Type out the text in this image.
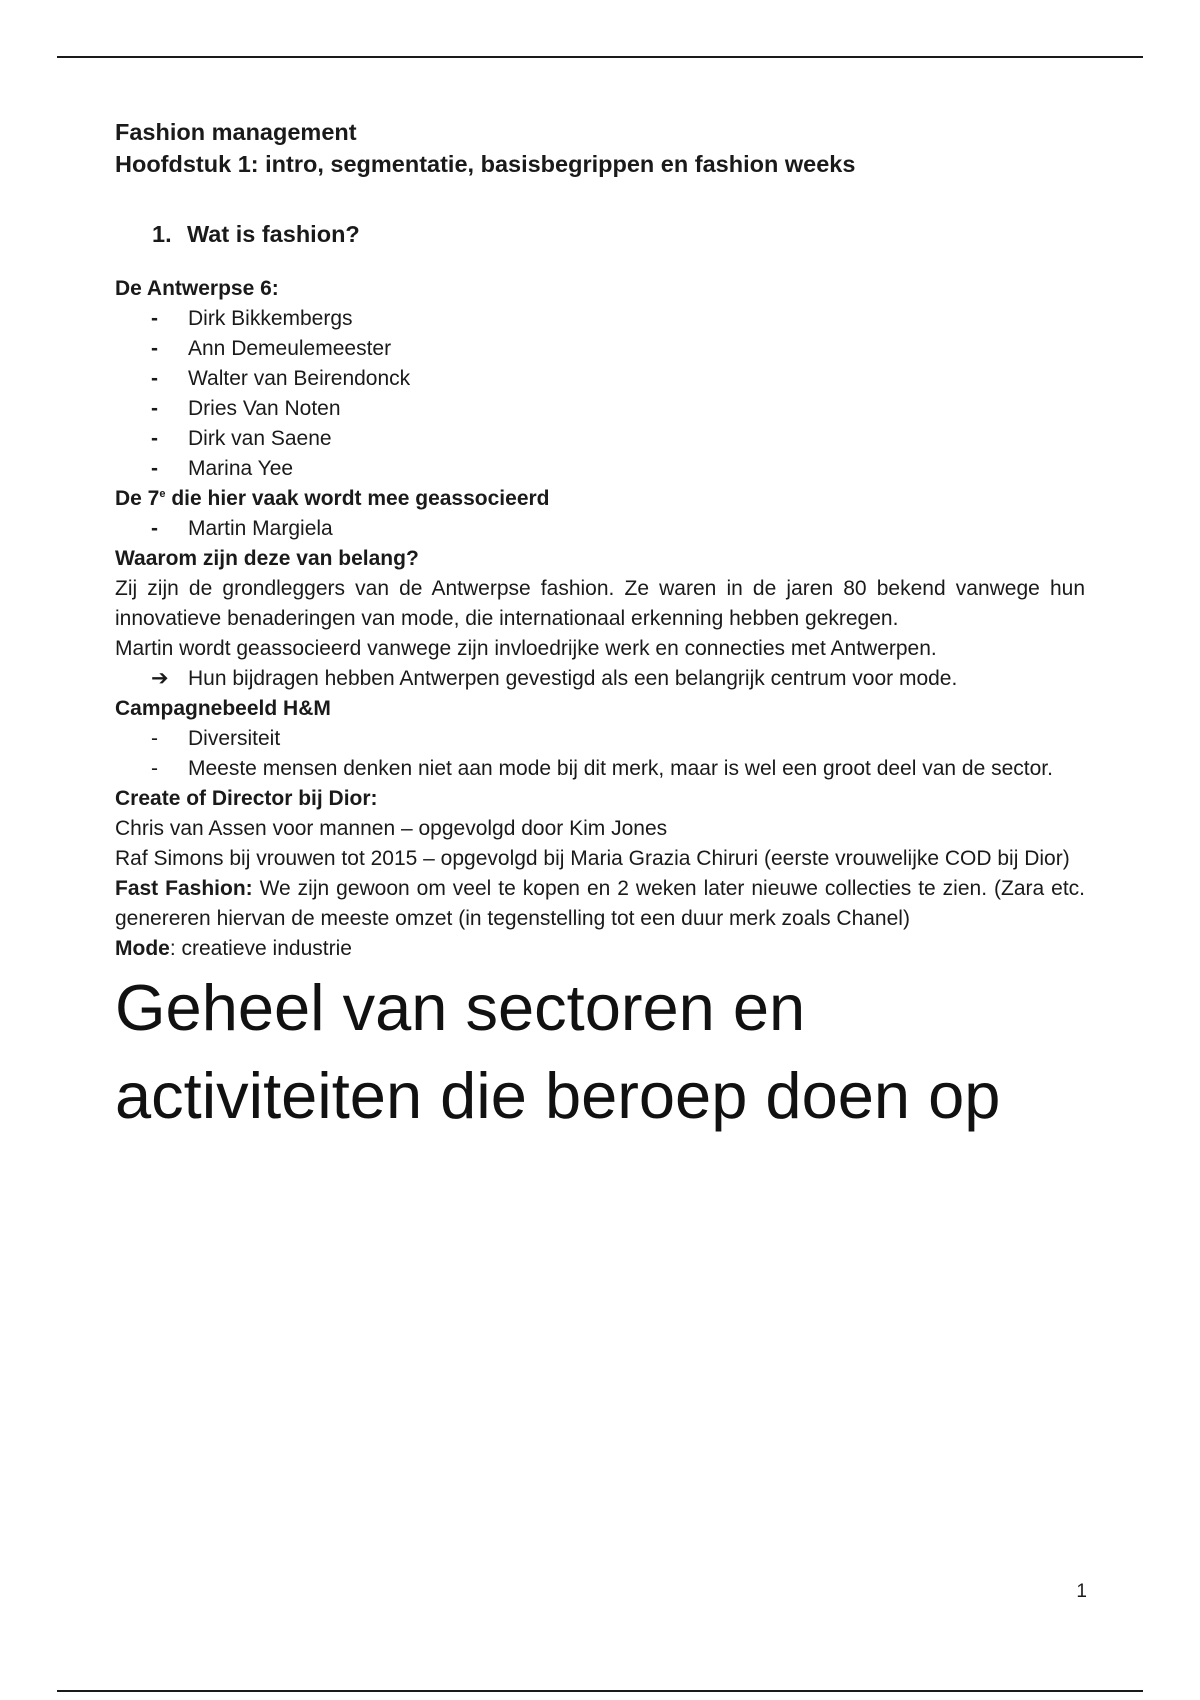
Fashion management

Hoofdstuk 1: intro, segmentatie, basisbegrippen en fashion weeks

1. Wat is fashion?

De Antwerpse 6:

-	Dirk Bikkembergs
-	Ann Demeulemeester
-	Walter van Beirendonck
-	Dries Van Noten
-	Dirk van Saene
-	Marina Yee

De 7e die hier vaak wordt mee geassocieerd

-	Martin Margiela

Waarom zijn deze van belang?

Zij zijn de grondleggers van de Antwerpse fashion. Ze waren in de jaren 80 bekend vanwege hun innovatieve benaderingen van mode, die internationaal erkenning hebben gekregen.

Martin wordt geassocieerd vanwege zijn invloedrijke werk en connecties met Antwerpen.

➔ Hun bijdragen hebben Antwerpen gevestigd als een belangrijk centrum voor mode.

Campagnebeeld H&M

-	Diversiteit
-	Meeste mensen denken niet aan mode bij dit merk, maar is wel een groot deel van de sector.

Create of Director bij Dior:

Chris van Assen voor mannen – opgevolgd door Kim Jones

Raf Simons bij vrouwen tot 2015 – opgevolgd bij Maria Grazia Chiruri (eerste vrouwelijke COD bij Dior)

Fast Fashion: We zijn gewoon om veel te kopen en 2 weken later nieuwe collecties te zien. (Zara etc. genereren hiervan de meeste omzet (in tegenstelling tot een duur merk zoals Chanel)

Mode: creatieve industrie

Geheel van sectoren en activiteiten die beroep doen op

1
